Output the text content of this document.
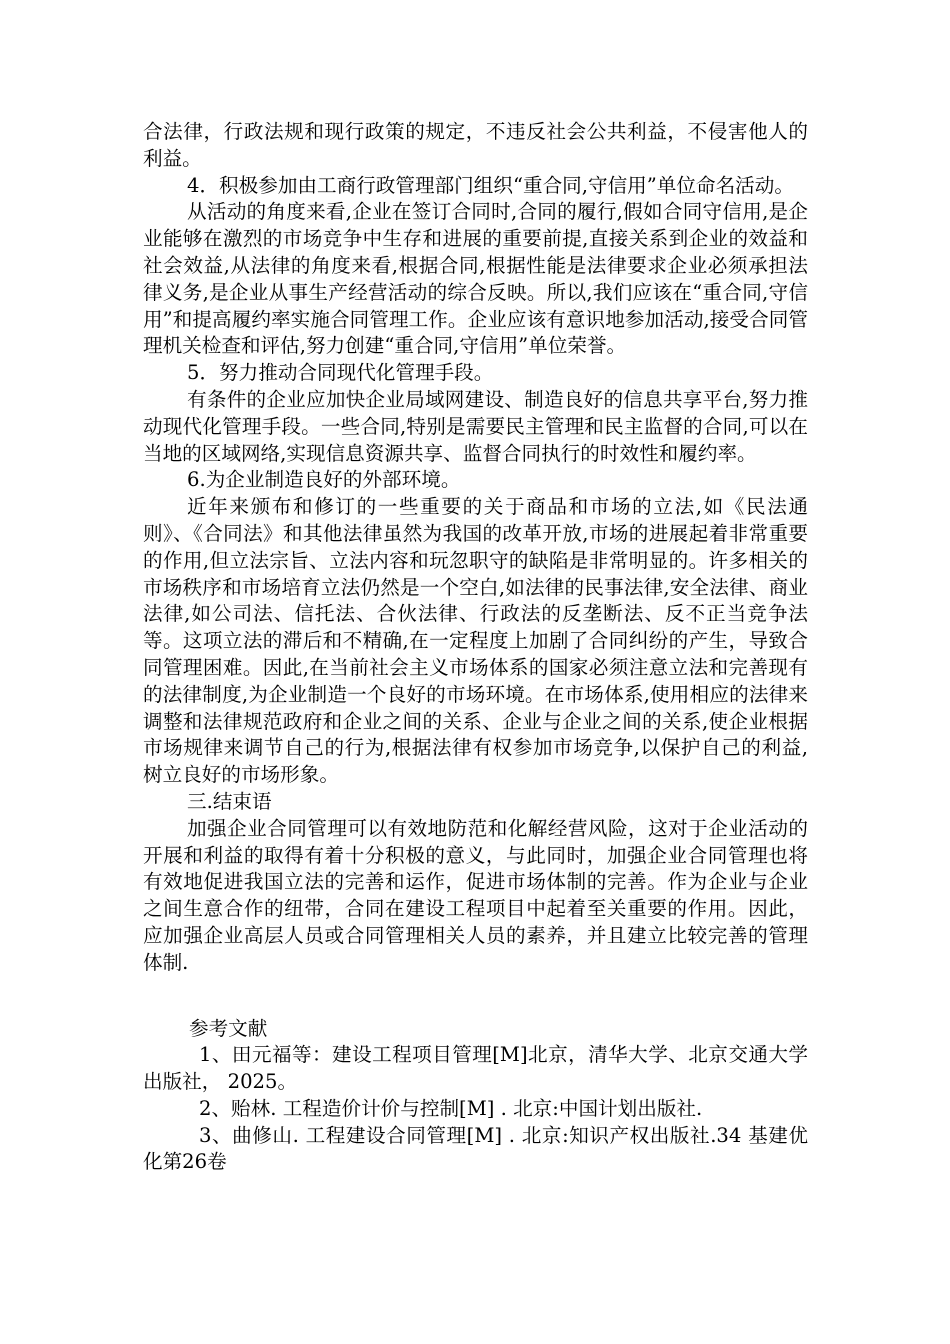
合法律，行政法规和现行政策的规定，不违反社会公共利益，不侵害他人的利益。

4．积极参加由工商行政管理部门组织“重合同,守信用”单位命名活动。

从活动的角度来看,企业在签订合同时,合同的履行,假如合同守信用,是企业能够在激烈的市场竞争中生存和进展的重要前提,直接关系到企业的效益和社会效益,从法律的角度来看,根据合同,根据性能是法律要求企业必须承担法律义务,是企业从事生产经营活动的综合反映。所以,我们应该在“重合同,守信用”和提高履约率实施合同管理工作。企业应该有意识地参加活动,接受合同管理机关检查和评估,努力创建“重合同,守信用”单位荣誉。

5．努力推动合同现代化管理手段。

有条件的企业应加快企业局域网建设、制造良好的信息共享平台,努力推动现代化管理手段。一些合同,特别是需要民主管理和民主监督的合同,可以在当地的区域网络,实现信息资源共享、监督合同执行的时效性和履约率。

6.为企业制造良好的外部环境。

近年来颁布和修订的一些重要的关于商品和市场的立法,如《民法通则》、《合同法》和其他法律虽然为我国的改革开放,市场的进展起着非常重要的作用,但立法宗旨、立法内容和玩忽职守的缺陷是非常明显的。许多相关的市场秩序和市场培育立法仍然是一个空白,如法律的民事法律,安全法律、商业法律,如公司法、信托法、合伙法律、行政法的反垄断法、反不正当竞争法等。这项立法的滞后和不精确,在一定程度上加剧了合同纠纷的产生，导致合同管理困难。因此,在当前社会主义市场体系的国家必须注意立法和完善现有的法律制度,为企业制造一个良好的市场环境。在市场体系,使用相应的法律来调整和法律规范政府和企业之间的关系、企业与企业之间的关系,使企业根据市场规律来调节自己的行为,根据法律有权参加市场竞争,以保护自己的利益,树立良好的市场形象。

三.结束语

加强企业合同管理可以有效地防范和化解经营风险，这对于企业活动的开展和利益的取得有着十分积极的意义，与此同时，加强企业合同管理也将有效地促进我国立法的完善和运作，促进市场体制的完善。作为企业与企业之间生意合作的纽带，合同在建设工程项目中起着至关重要的作用。因此，应加强企业高层人员或合同管理相关人员的素养，并且建立比较完善的管理体制.

参考文献

1、田元福等：建设工程项目管理[M]北京，清华大学、北京交通大学出版社， 2025。

2、贻林. 工程造价计价与控制[M] . 北京:中国计划出版社.

3、曲修山. 工程建设合同管理[M] . 北京:知识产权出版社.34 基建优化第26卷
